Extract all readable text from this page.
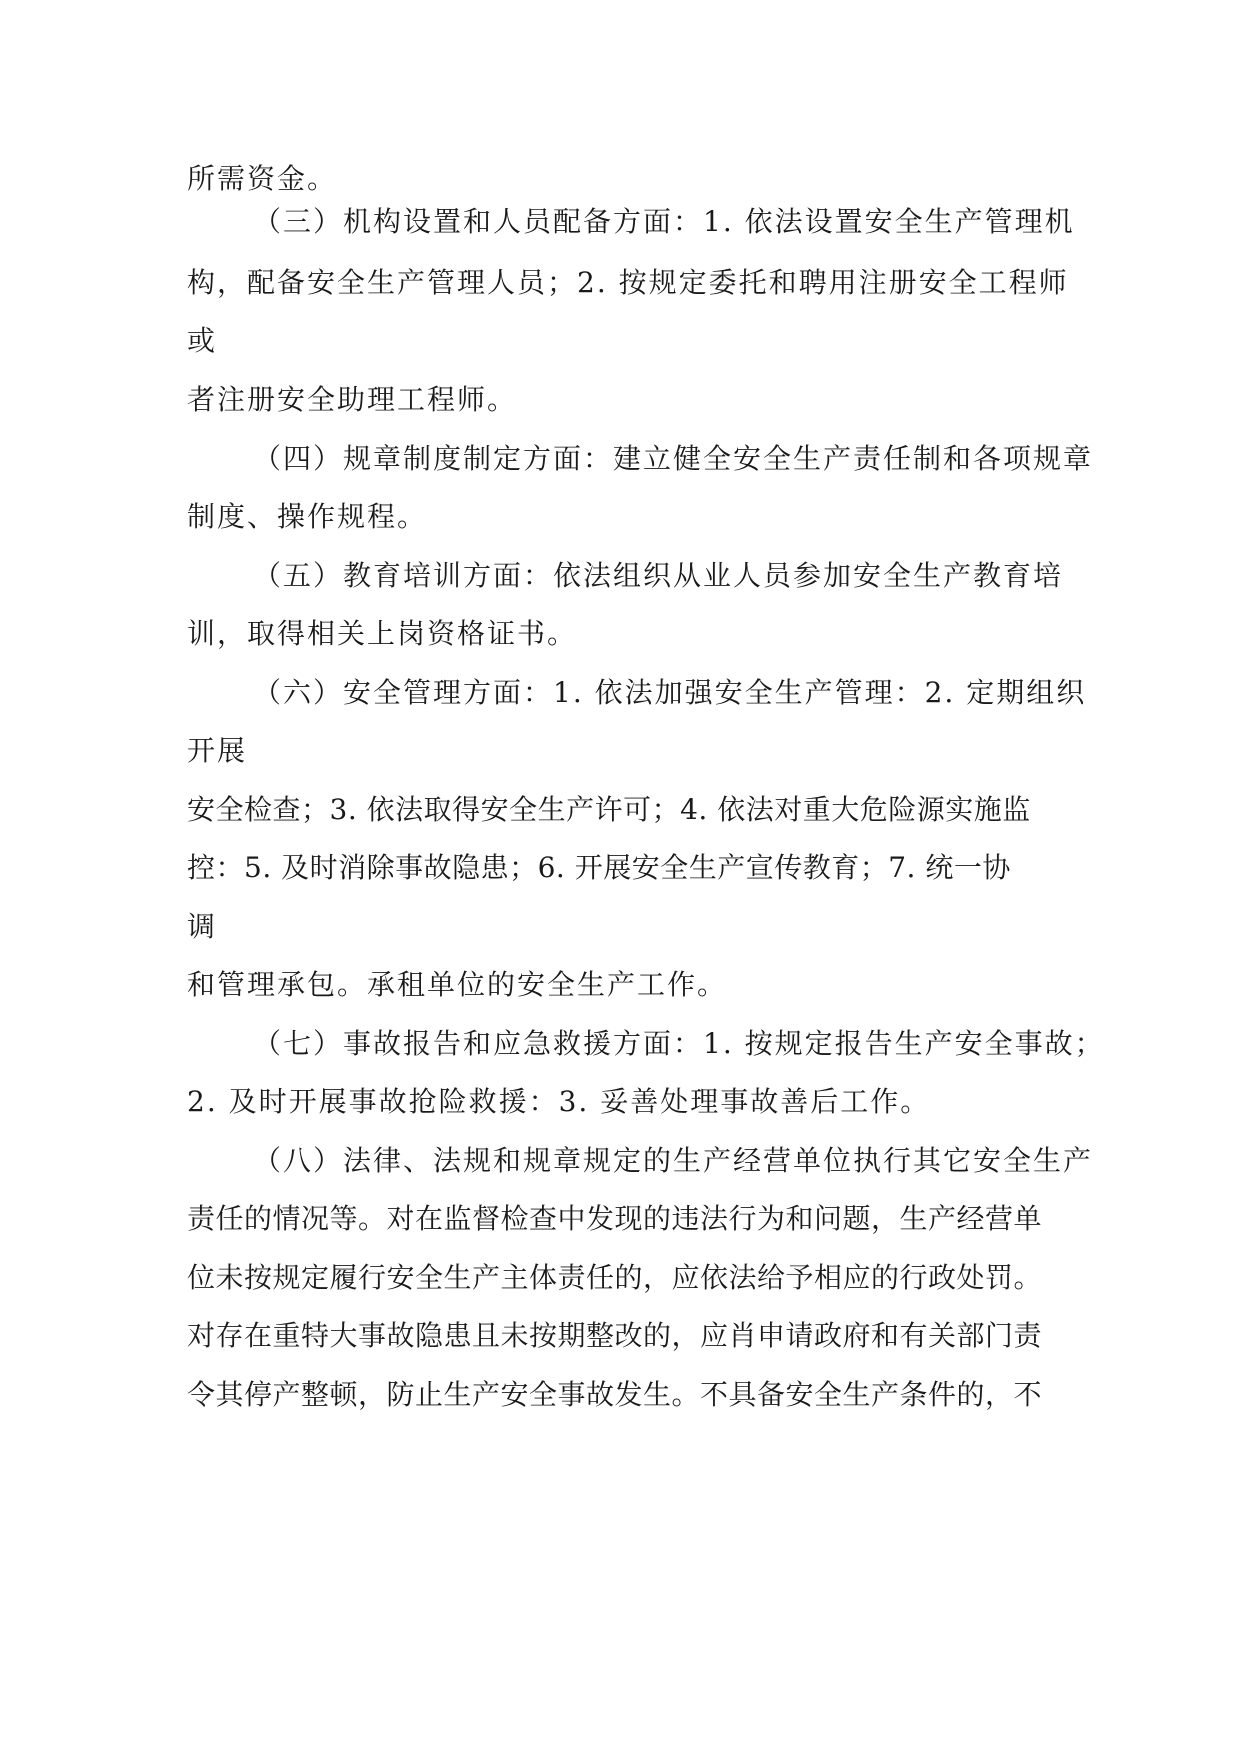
所需资金。

（三）机构设置和人员配备方面：1. 依法设置安全生产管理机

构，配备安全生产管理人员；2. 按规定委托和聘用注册安全工程师

或

者注册安全助理工程师。

（四）规章制度制定方面：建立健全安全生产责任制和各项规章

制度、操作规程。

（五）教育培训方面：依法组织从业人员参加安全生产教育培

训，取得相关上岗资格证书。

（六）安全管理方面：1. 依法加强安全生产管理：2. 定期组织

开展

安全检查；3. 依法取得安全生产许可；4. 依法对重大危险源实施监

控：5. 及时消除事故隐患；6. 开展安全生产宣传教育；7. 统一协

调

和管理承包。承租单位的安全生产工作。

（七）事故报告和应急救援方面：1. 按规定报告生产安全事故；

2. 及时开展事故抢险救援：3. 妥善处理事故善后工作。

（八）法律、法规和规章规定的生产经营单位执行其它安全生产

责任的情况等。对在监督检查中发现的违法行为和问题，生产经营单

位未按规定履行安全生产主体责任的，应依法给予相应的行政处罚。

对存在重特大事故隐患且未按期整改的，应肖申请政府和有关部门责

令其停产整顿，防止生产安全事故发生。不具备安全生产条件的，不
